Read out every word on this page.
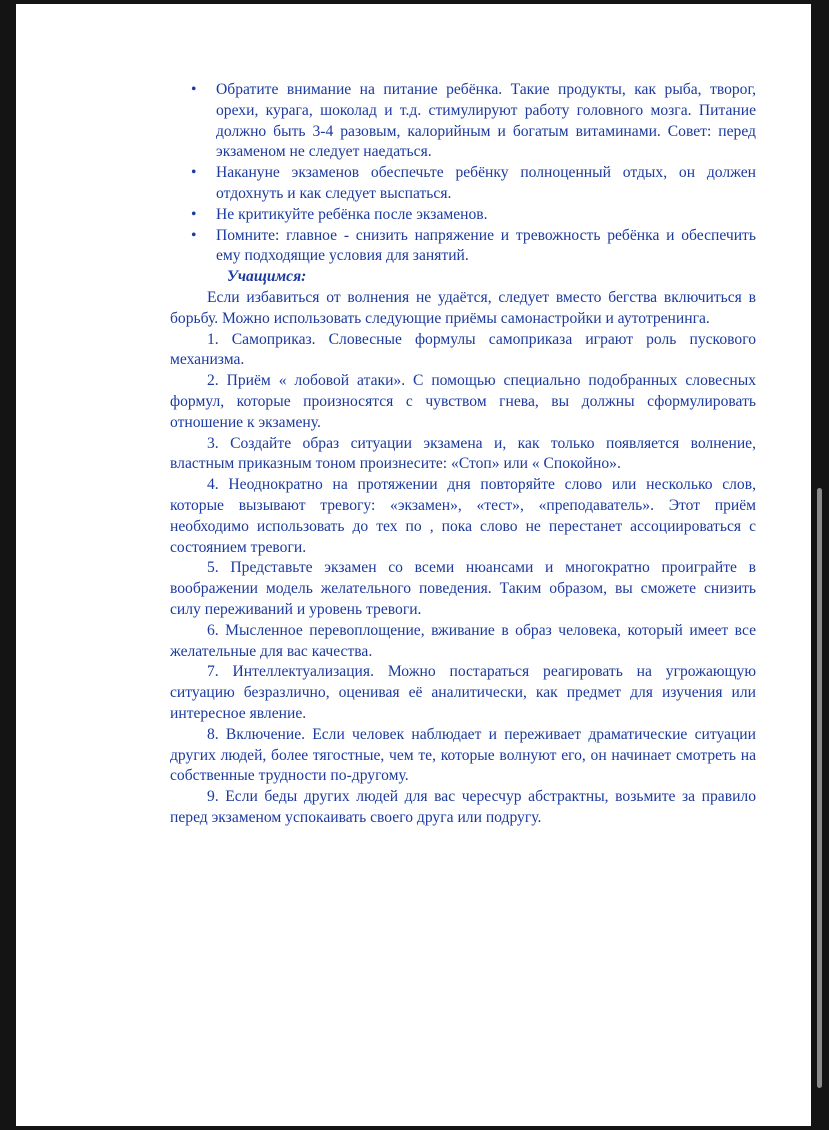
• Обратите внимание на питание ребёнка. Такие продукты, как рыба, творог, орехи, курага, шоколад и т.д. стимулируют работу головного мозга. Питание должно быть 3-4 разовым, калорийным и богатым витаминами. Совет: перед экзаменом не следует наедаться.
• Накануне экзаменов обеспечьте ребёнку полноценный отдых, он должен отдохнуть и как следует выспаться.
• Не критикуйте ребёнка после экзаменов.
• Помните: главное - снизить напряжение и тревожность ребёнка и обеспечить ему подходящие условия для занятий.

Учащимся:

Если избавиться от волнения не удаётся, следует вместо бегства включиться в борьбу. Можно использовать следующие приёмы самонастройки и аутотренинга.

1. Самоприказ. Словесные формулы самоприказа играют роль пускового механизма.

2. Приём « лобовой атаки». С помощью специально подобранных словесных формул, которые произносятся с чувством гнева, вы должны сформулировать отношение к экзамену.

3. Создайте образ ситуации экзамена и, как только появляется волнение, властным приказным тоном произнесите: «Стоп» или « Спокойно».

4. Неоднократно на протяжении дня повторяйте слово или несколько слов, которые вызывают тревогу: «экзамен», «тест», «преподаватель». Этот приём необходимо использовать до тех по , пока слово не перестанет ассоциироваться с состоянием тревоги.

5. Представьте экзамен со всеми нюансами и многократно проиграйте в воображении модель желательного поведения. Таким образом, вы сможете снизить силу переживаний и уровень тревоги.

6. Мысленное перевоплощение, вживание в образ человека, который имеет все желательные для вас качества.

7. Интеллектуализация. Можно постараться реагировать на угрожающую ситуацию безразлично, оценивая её аналитически, как предмет для изучения или интересное явление.

8. Включение. Если человек наблюдает и переживает драматические ситуации других людей, более тягостные, чем те, которые волнуют его, он начинает смотреть на собственные трудности по-другому.

9. Если беды других людей для вас чересчур абстрактны, возьмите за правило перед экзаменом успокаивать своего друга или подругу.
